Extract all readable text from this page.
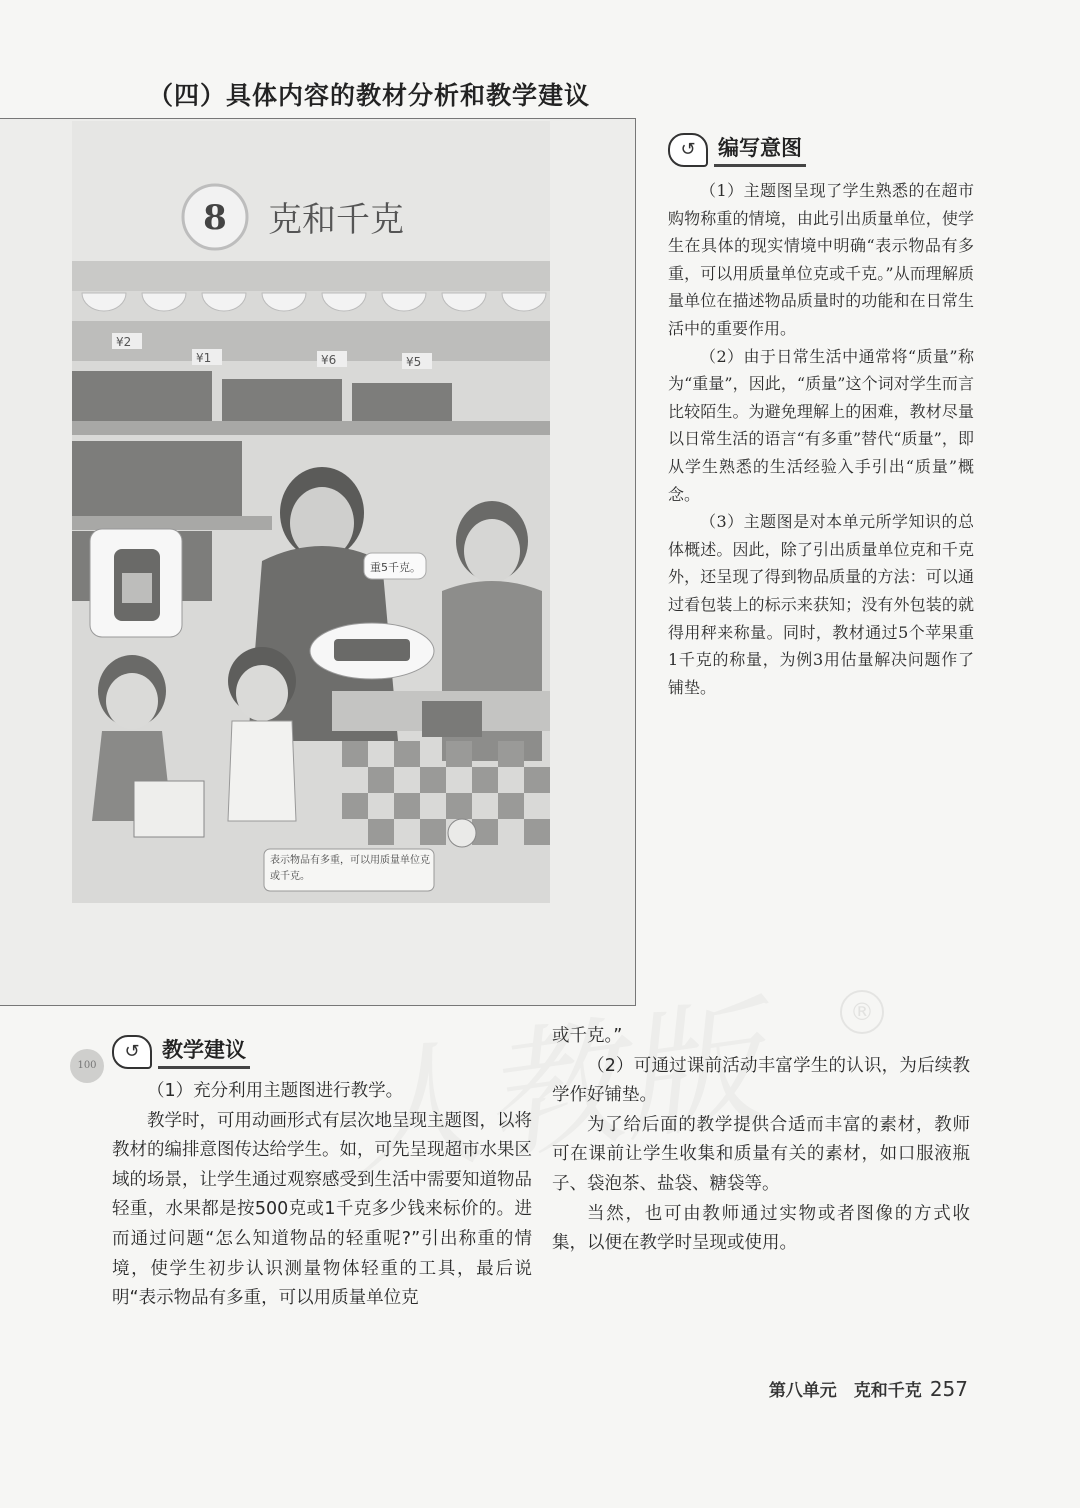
（四）具体内容的教材分析和教学建议
®
8 克和千克
¥2
¥1	¥6	¥5
重5千克。
表示物品有多重，可以用质量单位克或千克。
100
↺	编写意图

（1）主题图呈现了学生熟悉的在超市购物称重的情境，由此引出质量单位，使学生在具体的现实情境中明确“表示物品有多重，可以用质量单位克或千克。”从而理解质量单位在描述物品质量时的功能和在日常生活中的重要作用。

（2）由于日常生活中通常将“质量”称为“重量”，因此，“质量”这个词对学生而言比较陌生。为避免理解上的困难，教材尽量以日常生活的语言“有多重”替代“质量”，即从学生熟悉的生活经验入手引出“质量”概念。

（3）主题图是对本单元所学知识的总体概述。因此，除了引出质量单位克和千克外，还呈现了得到物品质量的方法：可以通过看包装上的标示来获知；没有外包装的就得用秤来称量。同时，教材通过5个苹果重1千克的称量，为例3用估量解决问题作了铺垫。

↺	教学建议

（1）充分利用主题图进行教学。

教学时，可用动画形式有层次地呈现主题图，以将教材的编排意图传达给学生。如，可先呈现超市水果区域的场景，让学生通过观察感受到生活中需要知道物品轻重，水果都是按500克或1千克多少钱来标价的。进而通过问题“怎么知道物品的轻重呢?”引出称重的情境，使学生初步认识测量物体轻重的工具，最后说明“表示物品有多重，可以用质量单位克

或千克。”

（2）可通过课前活动丰富学生的认识，为后续教学作好铺垫。

为了给后面的教学提供合适而丰富的素材，教师可在课前让学生收集和质量有关的素材，如口服液瓶子、袋泡茶、盐袋、糖袋等。

当然，也可由教师通过实物或者图像的方式收集，以便在教学时呈现或使用。

第八单元　克和千克 257
